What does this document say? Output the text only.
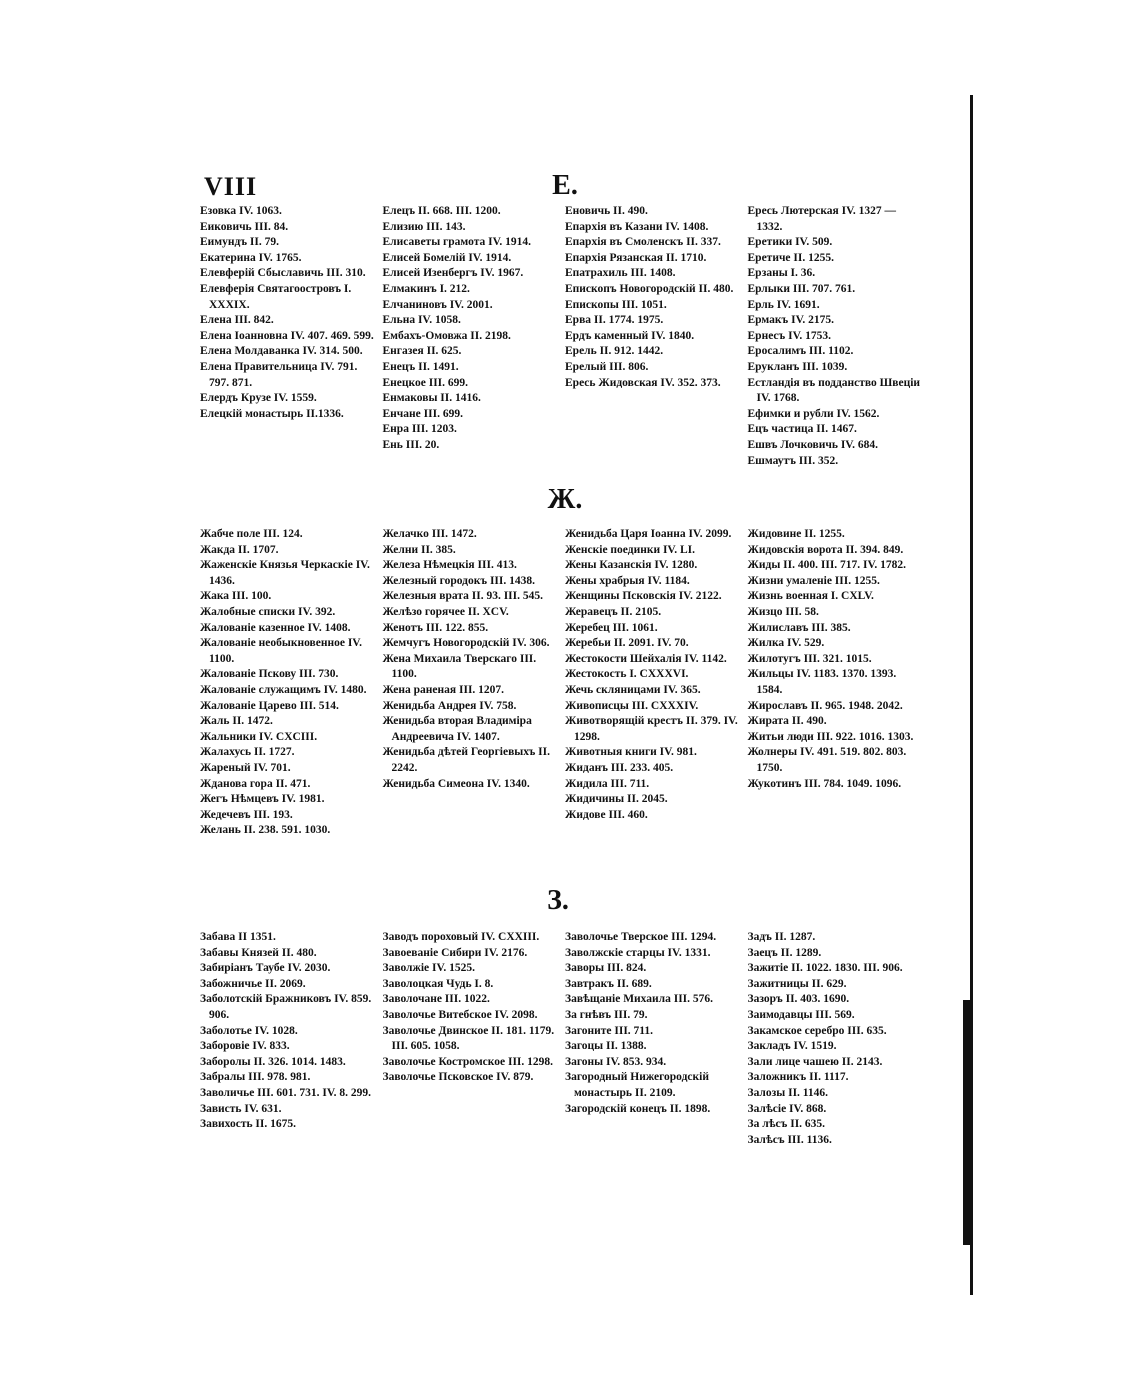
VIII	Е.
Езовка IV. 1063.
Еиковичь III. 84.
Еимундъ II. 79.
Екатерина IV. 1765.
Елевферій Сбыславичь III. 310.
Елевферія Святагоостровъ I. XXXIX.
Елена III. 842.
Елена Іоанновна IV. 407. 469. 599.
Елена Молдаванка IV. 314. 500.
Елена Правительница IV. 791. 797. 871.
Елердъ Крузе IV. 1559.
Елецкій монастырь II.1336.
Елецъ II. 668. III. 1200.
Елизию III. 143.
Елисаветы грамота IV. 1914.
Елисей Бомелій IV. 1914.
Елисей Изенбергъ IV. 1967.
Елмакинъ I. 212.
Елчаниновъ IV. 2001.
Ельна IV. 1058.
Ембахъ-Омовжа II. 2198.
Енгазея II. 625.
Енецъ II. 1491.
Енецкое III. 699.
Енмаковы II. 1416.
Енчане III. 699.
Енра III. 1203.
Ень III. 20.
Еновичь II. 490.
Епархія въ Казани IV. 1408.
Епархія въ Смоленскъ II. 337.
Епархія Рязанская II. 1710.
Епатрахиль III. 1408.
Епископъ Новогородскій II. 480.
Епископы III. 1051.
Ерва II. 1774. 1975.
Ердъ каменный IV. 1840.
Ерель II. 912. 1442.
Ерелый III. 806.
Ересь Жидовская IV. 352. 373.
Ересь Лютерская IV. 1327 — 1332.
Еретики IV. 509.
Еретиче II. 1255.
Ерзаны I. 36.
Ерлыки III. 707. 761.
Ерль IV. 1691.
Ермакъ IV. 2175.
Ернесъ IV. 1753.
Еросалимъ III. 1102.
Ерукланъ III. 1039.
Естландія въ подданство Швеціи IV. 1768.
Ефимки и рубли IV. 1562.
Ецъ частица II. 1467.
Ешвъ Лочковичь IV. 684.
Ешмаутъ III. 352.
Ж.
Жабче поле III. 124.
Жакда II. 1707.
Жаженскіе Князья Черкаскіе IV. 1436.
Жака III. 100.
Жалобные списки IV. 392.
Жалованіе казенное IV. 1408.
Жалованіе необыкновенное IV. 1100.
Жалованіе Пскову III. 730.
Жалованіе служащимъ IV. 1480.
Жалованіе Царево III. 514.
Жаль II. 1472.
Жальники IV. CXCIII.
Жалахусь II. 1727.
Жареный IV. 701.
Жданова гора II. 471.
Жегъ Нѣмцевъ IV. 1981.
Жедечевъ III. 193.
Желань II. 238. 591. 1030.
Желачко III. 1472.
Желни II. 385.
Железа Нѣмецкія III. 413.
Железный городокъ III. 1438.
Железныя врата II. 93. III. 545.
Желѣзо горячее II. XCV.
Женотъ III. 122. 855.
Жемчугъ Новогородскій IV. 306.
Жена Михаила Тверскаго III. 1100.
Жена раненая III. 1207.
Женидьба Андрея IV. 758.
Женидьба вторая Владиміра Андреевича IV. 1407.
Женидьба дѣтей Георгіевыхъ II. 2242.
Женидьба Симеона IV. 1340.
Женидьба Царя Іоанна IV. 2099.
Женскіе поединки IV. LI.
Жены Казанскія IV. 1280.
Жены храбрыя IV. 1184.
Женщины Псковскія IV. 2122.
Жеравецъ II. 2105.
Жеребец III. 1061.
Жеребьи II. 2091. IV. 70.
Жестокости Шейхалія IV. 1142.
Жестокость I. CXXXVI.
Жечь скляницами IV. 365.
Живописцы III. CXXXIV.
Животворящій крестъ II. 379. IV. 1298.
Животныя книги IV. 981.
Жиданъ III. 233. 405.
Жидила III. 711.
Жидичины II. 2045.
Жидове III. 460.
Жидовине II. 1255.
Жидовскія ворота II. 394. 849.
Жиды II. 400. III. 717. IV. 1782.
Жизни умаленіе III. 1255.
Жизнь военная I. CXLV.
Жизцо III. 58.
Жилиславъ III. 385.
Жилка IV. 529.
Жилотугъ III. 321. 1015.
Жильцы IV. 1183. 1370. 1393. 1584.
Жирославъ II. 965. 1948. 2042.
Жирата II. 490.
Житьи люди III. 922. 1016. 1303.
Жолнеры IV. 491. 519. 802. 803. 1750.
Жукотинъ III. 784. 1049. 1096.
З.
Забава II 1351.
Забавы Князей II. 480.
Забиріанъ Таубе IV. 2030.
Забожничье II. 2069.
Заболотскій Бражниковъ IV. 859. 906.
Заболотье IV. 1028.
Заборовіе IV. 833.
Заборолы II. 326. 1014. 1483.
Забралы III. 978. 981.
Заволичье III. 601. 731. IV. 8. 299.
Зависть IV. 631.
Завихость II. 1675.
Заводъ пороховый IV. CXXIII.
Завоеваніе Сибири IV. 2176.
Заволжіе IV. 1525.
Заволоцкая Чудь I. 8.
Заволочане III. 1022.
Заволочье Витебское IV. 2098.
Заволочье Двинское II. 181. 1179. III. 605. 1058.
Заволочье Костромское III. 1298.
Заволочье Псковское IV. 879.
Заволочье Тверское III. 1294.
Заволжскіе старцы IV. 1331.
Заворы III. 824.
Завтракъ II. 689.
Завѣщаніе Михаила III. 576.
За гнѣвъ III. 79.
Загоните III. 711.
Загоцы II. 1388.
Загоны IV. 853. 934.
Загородный Нижегородскій монастырь II. 2109.
Загородскій конецъ II. 1898.
Задъ II. 1287.
Заецъ II. 1289.
Зажитіе II. 1022. 1830. III. 906.
Зажитницы II. 629.
Зазоръ II. 403. 1690.
Заимодавцы III. 569.
Закамское серебро III. 635.
Закладъ IV. 1519.
Зали лице чашею II. 2143.
Заложникъ II. 1117.
Залозы II. 1146.
Залѣсіе IV. 868.
За лѣсъ II. 635.
Залѣсъ III. 1136.
